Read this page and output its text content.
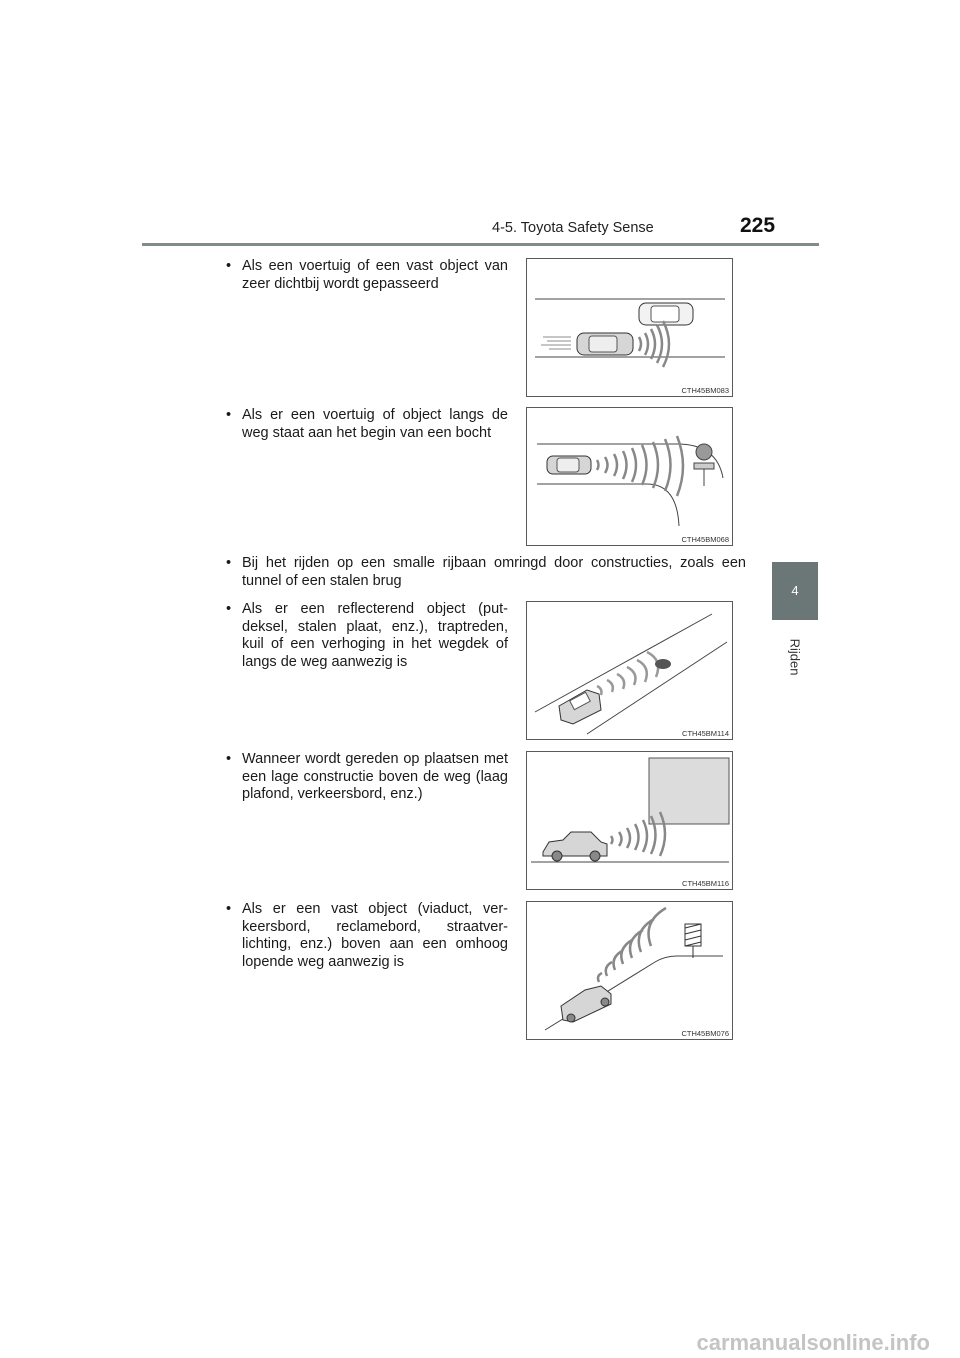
4-5. Toyota Safety Sense	225
4
Rijden
• Als een voertuig of een vast object van zeer dichtbij wordt gepasseerd
CTH45BM083
• Als er een voertuig of object langs de weg staat aan het begin van een bocht
CTH45BM068
• Bij het rijden op een smalle rijbaan omringd door constructies, zoals een tunnel of een stalen brug
• Als er een reflecterend object (put-deksel, stalen plaat, enz.), traptreden, kuil of een verhoging in het wegdek of langs de weg aanwezig is
CTH45BM114
• Wanneer wordt gereden op plaatsen met een lage constructie boven de weg (laag plafond, verkeersbord, enz.)
CTH45BM116
• Als er een vast object (viaduct, ver-keersbord, reclamebord, straatver-lichting, enz.) boven aan een omhoog lopende weg aanwezig is
CTH45BM076
carmanualsonline.info
